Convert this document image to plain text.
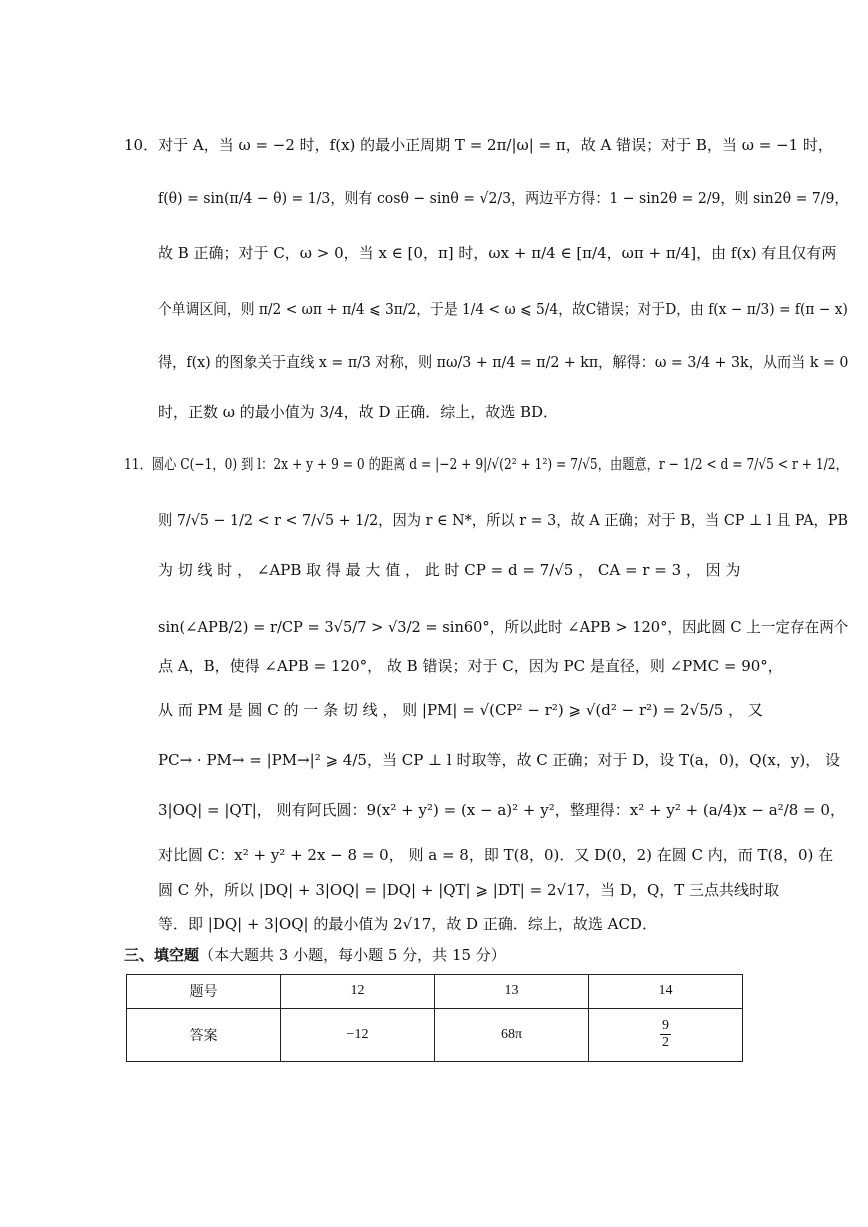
10．对于 A，当 ω = −2 时，f(x) 的最小正周期 T = 2π/|ω| = π，故 A 错误；对于 B，当 ω = −1 时，
f(θ) = sin(π/4 − θ) = 1/3，则有 cosθ − sinθ = √2/3，两边平方得：1 − sin2θ = 2/9，则 sin2θ = 7/9，
故 B 正确；对于 C，ω > 0，当 x ∈ [0，π] 时，ωx + π/4 ∈ [π/4，ωπ + π/4]，由 f(x) 有且仅有两
个单调区间，则 π/2 < ωπ + π/4 ⩽ 3π/2，于是 1/4 < ω ⩽ 5/4，故C错误；对于D，由 f(x − π/3) = f(π − x)
得，f(x) 的图象关于直线 x = π/3 对称，则 πω/3 + π/4 = π/2 + kπ，解得：ω = 3/4 + 3k，从而当 k = 0
时，正数 ω 的最小值为 3/4，故 D 正确．综上，故选 BD．
11．圆心 C(−1，0) 到 l：2x + y + 9 = 0 的距离 d = |−2 + 9|/√(2² + 1²) = 7/√5，由题意，r − 1/2 < d = 7/√5 < r + 1/2，
则 7/√5 − 1/2 < r < 7/√5 + 1/2，因为 r ∈ N*，所以 r = 3，故 A 正确；对于 B，当 CP ⊥ l 且 PA，PB
为 切 线 时 ， ∠APB 取 得 最 大 值 ， 此 时 CP = d = 7/√5 ， CA = r = 3 ， 因 为
sin(∠APB/2) = r/CP = 3√5/7 > √3/2 = sin60°，所以此时 ∠APB > 120°，因此圆 C 上一定存在两个
点 A，B，使得 ∠APB = 120°， 故 B 错误；对于 C，因为 PC 是直径，则 ∠PMC = 90°，
从 而 PM 是 圆 C 的 一 条 切 线 ， 则 |PM| = √(CP² − r²) ⩾ √(d² − r²) = 2√5/5 ， 又
PC→ · PM→ = |PM→|² ⩾ 4/5，当 CP ⊥ l 时取等，故 C 正确；对于 D，设 T(a，0)，Q(x，y)， 设
3|OQ| = |QT|， 则有阿氏圆：9(x² + y²) = (x − a)² + y²，整理得：x² + y² + (a/4)x − a²/8 = 0，
对比圆 C：x² + y² + 2x − 8 = 0， 则 a = 8，即 T(8，0)．又 D(0，2) 在圆 C 内，而 T(8，0) 在
圆 C 外，所以 |DQ| + 3|OQ| = |DQ| + |QT| ⩾ |DT| = 2√17，当 D，Q，T 三点共线时取
等．即 |DQ| + 3|OQ| 的最小值为 2√17，故 D 正确．综上，故选 ACD．
三、填空题（本大题共 3 小题，每小题 5 分，共 15 分）
题号	12	13	14
答案	−12	68π	$\frac{9}{2}$
